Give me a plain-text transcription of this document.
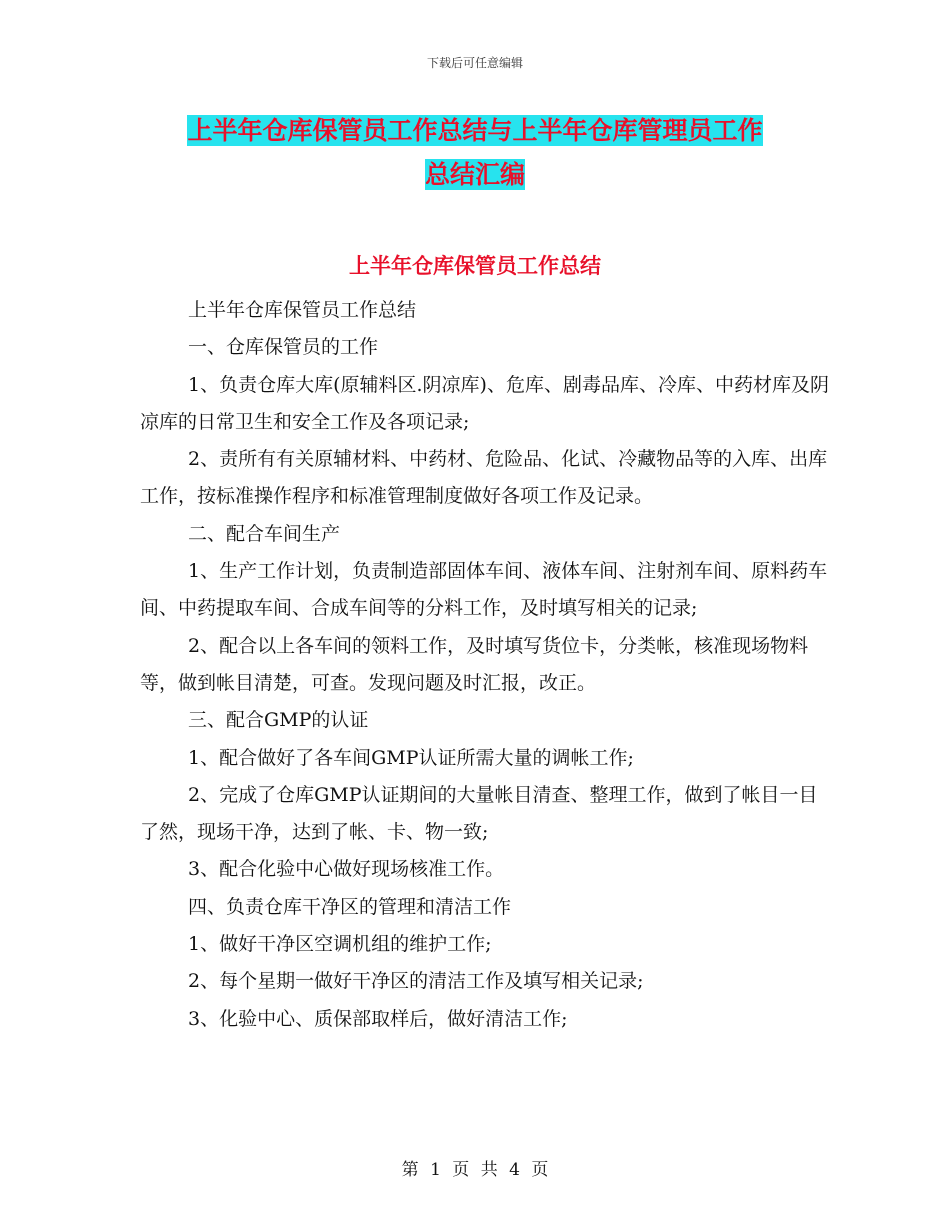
下载后可任意编辑
上半年仓库保管员工作总结与上半年仓库管理员工作
总结汇编
上半年仓库保管员工作总结

上半年仓库保管员工作总结

一、仓库保管员的工作

1、负责仓库大库(原辅料区.阴凉库)、危库、剧毒品库、冷库、中药材库及阴凉库的日常卫生和安全工作及各项记录;

2、责所有有关原辅材料、中药材、危险品、化试、冷藏物品等的入库、出库工作，按标准操作程序和标准管理制度做好各项工作及记录。

二、配合车间生产

1、生产工作计划，负责制造部固体车间、液体车间、注射剂车间、原料药车间、中药提取车间、合成车间等的分料工作，及时填写相关的记录;

2、配合以上各车间的领料工作，及时填写货位卡，分类帐，核准现场物料等，做到帐目清楚，可查。发现问题及时汇报，改正。

三、配合GMP的认证

1、配合做好了各车间GMP认证所需大量的调帐工作;

2、完成了仓库GMP认证期间的大量帐目清查、整理工作，做到了帐目一目了然，现场干净，达到了帐、卡、物一致;

3、配合化验中心做好现场核准工作。

四、负责仓库干净区的管理和清洁工作

1、做好干净区空调机组的维护工作;

2、每个星期一做好干净区的清洁工作及填写相关记录;

3、化验中心、质保部取样后，做好清洁工作;

第 1 页 共 4 页
